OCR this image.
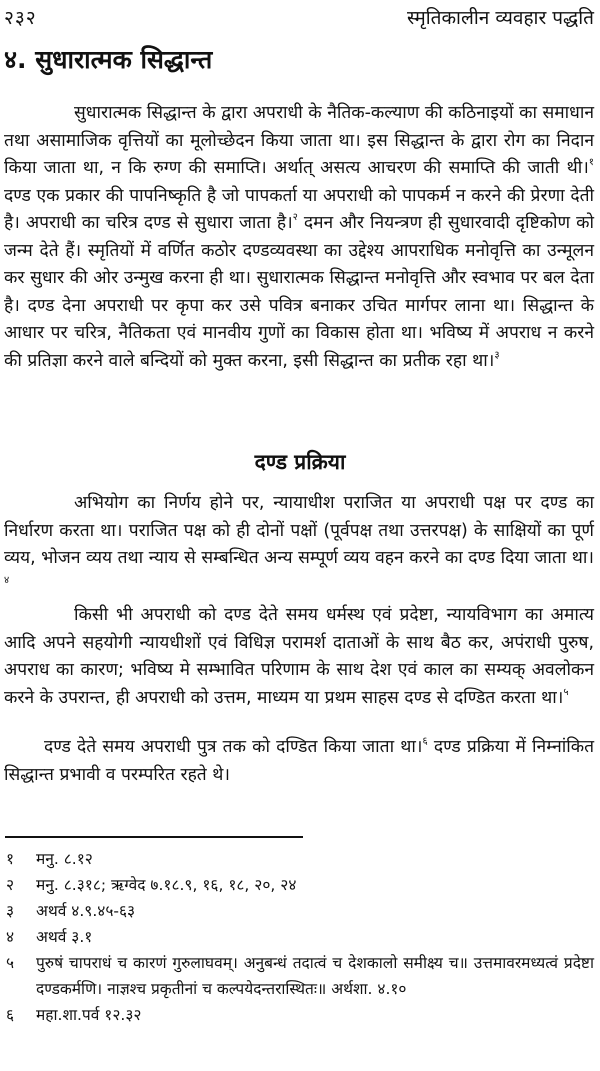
२३२	स्मृतिकालीन व्यवहार पद्धति
४. सुधारात्मक सिद्धान्त

सुधारात्मक सिद्धान्त के द्वारा अपराधी के नैतिक-कल्याण की कठिनाइयों का समाधान तथा असामाजिक वृत्तियों का मूलोच्छेदन किया जाता था। इस सिद्धान्त के द्वारा रोग का निदान किया जाता था, न कि रुग्ण की समाप्ति। अर्थात् असत्य आचरण की समाप्ति की जाती थी।$^१$ दण्ड एक प्रकार की पापनिष्कृति है जो पापकर्ता या अपराधी को पापकर्म न करने की प्रेरणा देती है। अपराधी का चरित्र दण्ड से सुधारा जाता है।$^२$ दमन और नियन्त्रण ही सुधारवादी दृष्टिकोण को जन्म देते हैं। स्मृतियों में वर्णित कठोर दण्डव्यवस्था का उद्देश्य आपराधिक मनोवृत्ति का उन्मूलन कर सुधार की ओर उन्मुख करना ही था। सुधारात्मक सिद्धान्त मनोवृत्ति और स्वभाव पर बल देता है। दण्ड देना अपराधी पर कृपा कर उसे पवित्र बनाकर उचित मार्गपर लाना था। सिद्धान्त के आधार पर चरित्र, नैतिकता एवं मानवीय गुणों का विकास होता था। भविष्य में अपराध न करने की प्रतिज्ञा करने वाले बन्दियों को मुक्त करना, इसी सिद्धान्त का प्रतीक रहा था।$^३$

दण्ड प्रक्रिया

अभियोग का निर्णय होने पर, न्यायाधीश पराजित या अपराधी पक्ष पर दण्ड का निर्धारण करता था। पराजित पक्ष को ही दोनों पक्षों (पूर्वपक्ष तथा उत्तरपक्ष) के साक्षियों का पूर्ण व्यय, भोजन व्यय तथा न्याय से सम्बन्धित अन्य सम्पूर्ण व्यय वहन करने का दण्ड दिया जाता था।$^४$

किसी भी अपराधी को दण्ड देते समय धर्मस्थ एवं प्रदेष्टा, न्यायविभाग का अमात्य आदि अपने सहयोगी न्यायधीशों एवं विधिज्ञ परामर्श दाताओं के साथ बैठ कर, अपंराधी पुरुष, अपराध का कारण; भविष्य मे सम्भावित परिणाम के साथ देश एवं काल का सम्यक् अवलोकन करने के उपरान्त, ही अपराधी को उत्तम, माध्यम या प्रथम साहस दण्ड से दण्डित करता था।$^५$

दण्ड देते समय अपराधी पुत्र तक को दण्डित किया जाता था।$^६$ दण्ड प्रक्रिया में निम्नांकित सिद्धान्त प्रभावी व परम्परित रहते थे।

१	मनु. ८.१२
२	मनु. ८.३१८; ऋग्वेद ७.१८.९, १६, १८, २०, २४
३	अथर्व ४.९.४५-६३
४	अथर्व ३.१
५	पुरुषं चापराधं च कारणं गुरुलाघवम्। अनुबन्धं तदात्वं च देशकालो समीक्ष्य च॥ उत्तमावरमध्यत्वं प्रदेष्टा दण्डकर्मणि। नाज्ञश्च प्रकृतीनां च कल्पयेदन्तरास्थितः॥ अर्थशा. ४.१०
६	महा.शा.पर्व १२.३२
